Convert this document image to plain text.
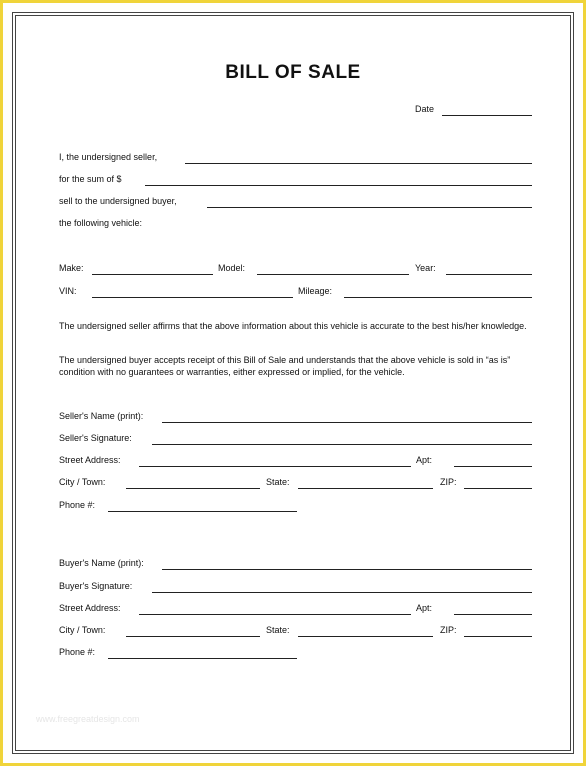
BILL OF SALE
Date
I, the undersigned seller,
for the sum of $
sell to the undersigned buyer,
the following vehicle:
Make:	Model:	Year:
VIN:	Mileage:
The undersigned seller affirms that the above information about this vehicle is accurate to the best his/her knowledge.
The undersigned buyer accepts receipt of this Bill of Sale and understands that the above vehicle is sold in “as is” condition with no guarantees or warranties, either expressed or implied, for the vehicle.
Seller's Name (print):
Seller's Signature:
Street Address:	Apt:
City / Town:	State:	ZIP:
Phone #:
Buyer's Name (print):
Buyer's Signature:
Street Address:	Apt:
City / Town:	State:	ZIP:
Phone #:
www.freegreatdesign.com
